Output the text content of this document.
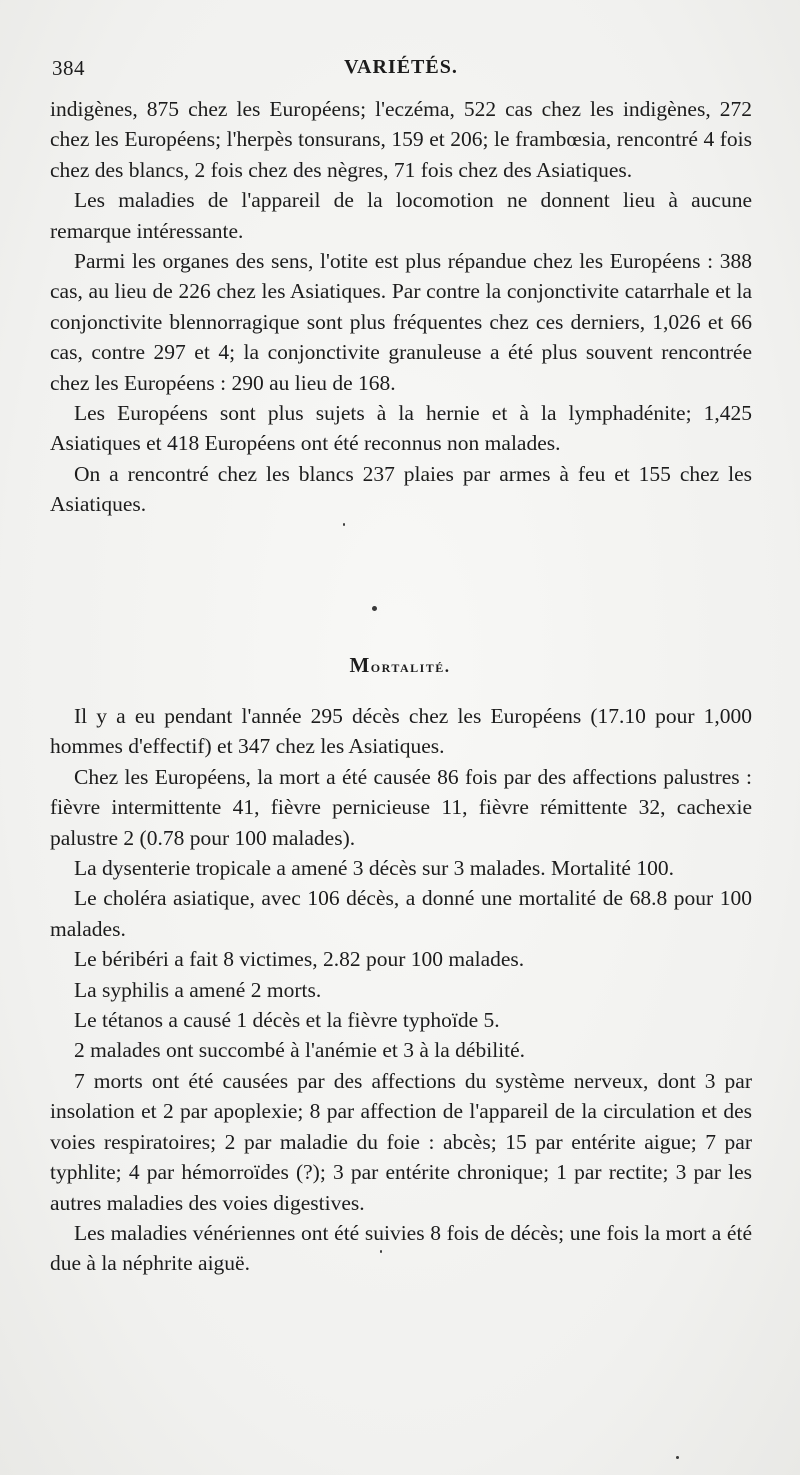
384	VARIÉTÉS.

indigènes, 875 chez les Européens; l'eczéma, 522 cas chez les indigènes, 272 chez les Européens; l'herpès tonsurans, 159 et 206; le frambœsia, rencontré 4 fois chez des blancs, 2 fois chez des nègres, 71 fois chez des Asiatiques.

Les maladies de l'appareil de la locomotion ne donnent lieu à aucune remarque intéressante.

Parmi les organes des sens, l'otite est plus répandue chez les Européens : 388 cas, au lieu de 226 chez les Asiatiques. Par contre la conjonctivite catarrhale et la conjonctivite blennorragique sont plus fréquentes chez ces derniers, 1,026 et 66 cas, contre 297 et 4; la conjonctivite granuleuse a été plus souvent rencontrée chez les Européens : 290 au lieu de 168.

Les Européens sont plus sujets à la hernie et à la lymphadénite; 1,425 Asiatiques et 418 Européens ont été reconnus non malades.

On a rencontré chez les blancs 237 plaies par armes à feu et 155 chez les Asiatiques.

Mortalité.

Il y a eu pendant l'année 295 décès chez les Européens (17.10 pour 1,000 hommes d'effectif) et 347 chez les Asiatiques.

Chez les Européens, la mort a été causée 86 fois par des affections palustres : fièvre intermittente 41, fièvre pernicieuse 11, fièvre rémittente 32, cachexie palustre 2 (0.78 pour 100 malades).

La dysenterie tropicale a amené 3 décès sur 3 malades. Mortalité 100.

Le choléra asiatique, avec 106 décès, a donné une mortalité de 68.8 pour 100 malades.

Le béribéri a fait 8 victimes, 2.82 pour 100 malades.

La syphilis a amené 2 morts.

Le tétanos a causé 1 décès et la fièvre typhoïde 5.

2 malades ont succombé à l'anémie et 3 à la débilité.

7 morts ont été causées par des affections du système nerveux, dont 3 par insolation et 2 par apoplexie; 8 par affection de l'appareil de la circulation et des voies respiratoires; 2 par maladie du foie : abcès; 15 par entérite aigue; 7 par typhlite; 4 par hémorroïdes (?); 3 par entérite chronique; 1 par rectite; 3 par les autres maladies des voies digestives.

Les maladies vénériennes ont été suivies 8 fois de décès; une fois la mort a été due à la néphrite aiguë.
